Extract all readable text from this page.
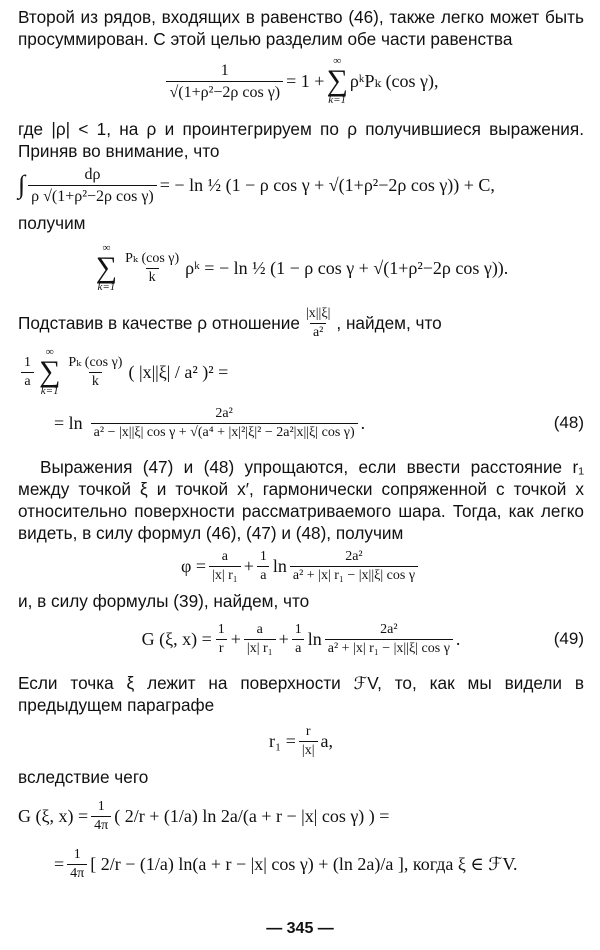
Второй из рядов, входящих в равенство (46), также легко может быть просуммирован. С этой целью разделим обе части равенства

$\frac{1}{\text{√(1+ρ²−2ρ cos γ)}} = 1$ +
∞
∑
k=1
ρᵏPₖ (cos γ),

где |ρ| < 1, на ρ и проинтегрируем по ρ получившиеся выражения. Приняв во внимание, что

∫ $\frac{d\rho}{\text{ρ √(1+ρ²−2ρ cos γ)}}$ = − ln ½ (1 − ρ cos γ + √(1+ρ²−2ρ cos γ)) + C,

получим

∞
∑
k=1
$\frac{\text{Pₖ (cos γ)}}{k}$ ρᵏ = − ln ½ (1 − ρ cos γ + √(1+ρ²−2ρ cos γ)).

Подставив в качестве ρ отношение $\frac{|x||\xi|}{\text{a²}}$ , найдем, что

$\frac{1}{a}$
∞
∑
k=1
$\frac{\text{Pₖ (cos γ)}}{k}$ ( |x||ξ| / a² )² =
= $\ln \frac{\text{2a²}}{\text{a² − |x||ξ| cos γ + √(a⁴ + |x|²|ξ|² − 2a²|x||ξ| cos γ)}}$ .	(48)

Выражения (47) и (48) упрощаются, если ввести расстояние r₁ между точкой ξ и точкой x′, гармонически сопряженной с точкой x относительно поверхности рассматриваемого шара. Тогда, как легко видеть, в силу формул (46), (47) и (48), получим

$\varphi = \frac{a}{\text{|x| r₁}} + \frac{1}{a}$ $\ln \frac{\text{2a²}}{\text{a² + |x| r₁ − |x||ξ| cos γ}}$

и, в силу формулы (39), найдем, что

G (ξ, $x) = \frac{1}{r} + \frac{a}{\text{|x| r₁}} + \frac{1}{a}$ $\ln \frac{\text{2a²}}{\text{a² + |x| r₁ − |x||ξ| cos γ}}$ .	(49)

Если точка ξ лежит на поверхности ℱV, то, как мы видели в предыдущем параграфе

$r_1 = \frac{r}{|x|} a$,

вследствие чего

G (ξ, $x) = \frac{1}{4\pi}$ ( 2/r + (1/a) ln 2a/(a + r − |x| cos γ) ) =
= $\frac{1}{4\pi}$ [ 2/r − (1/a) ln(a + r − |x| cos γ) + (ln 2a)/a ], когда ξ ∈ ℱV.
— 345 —
